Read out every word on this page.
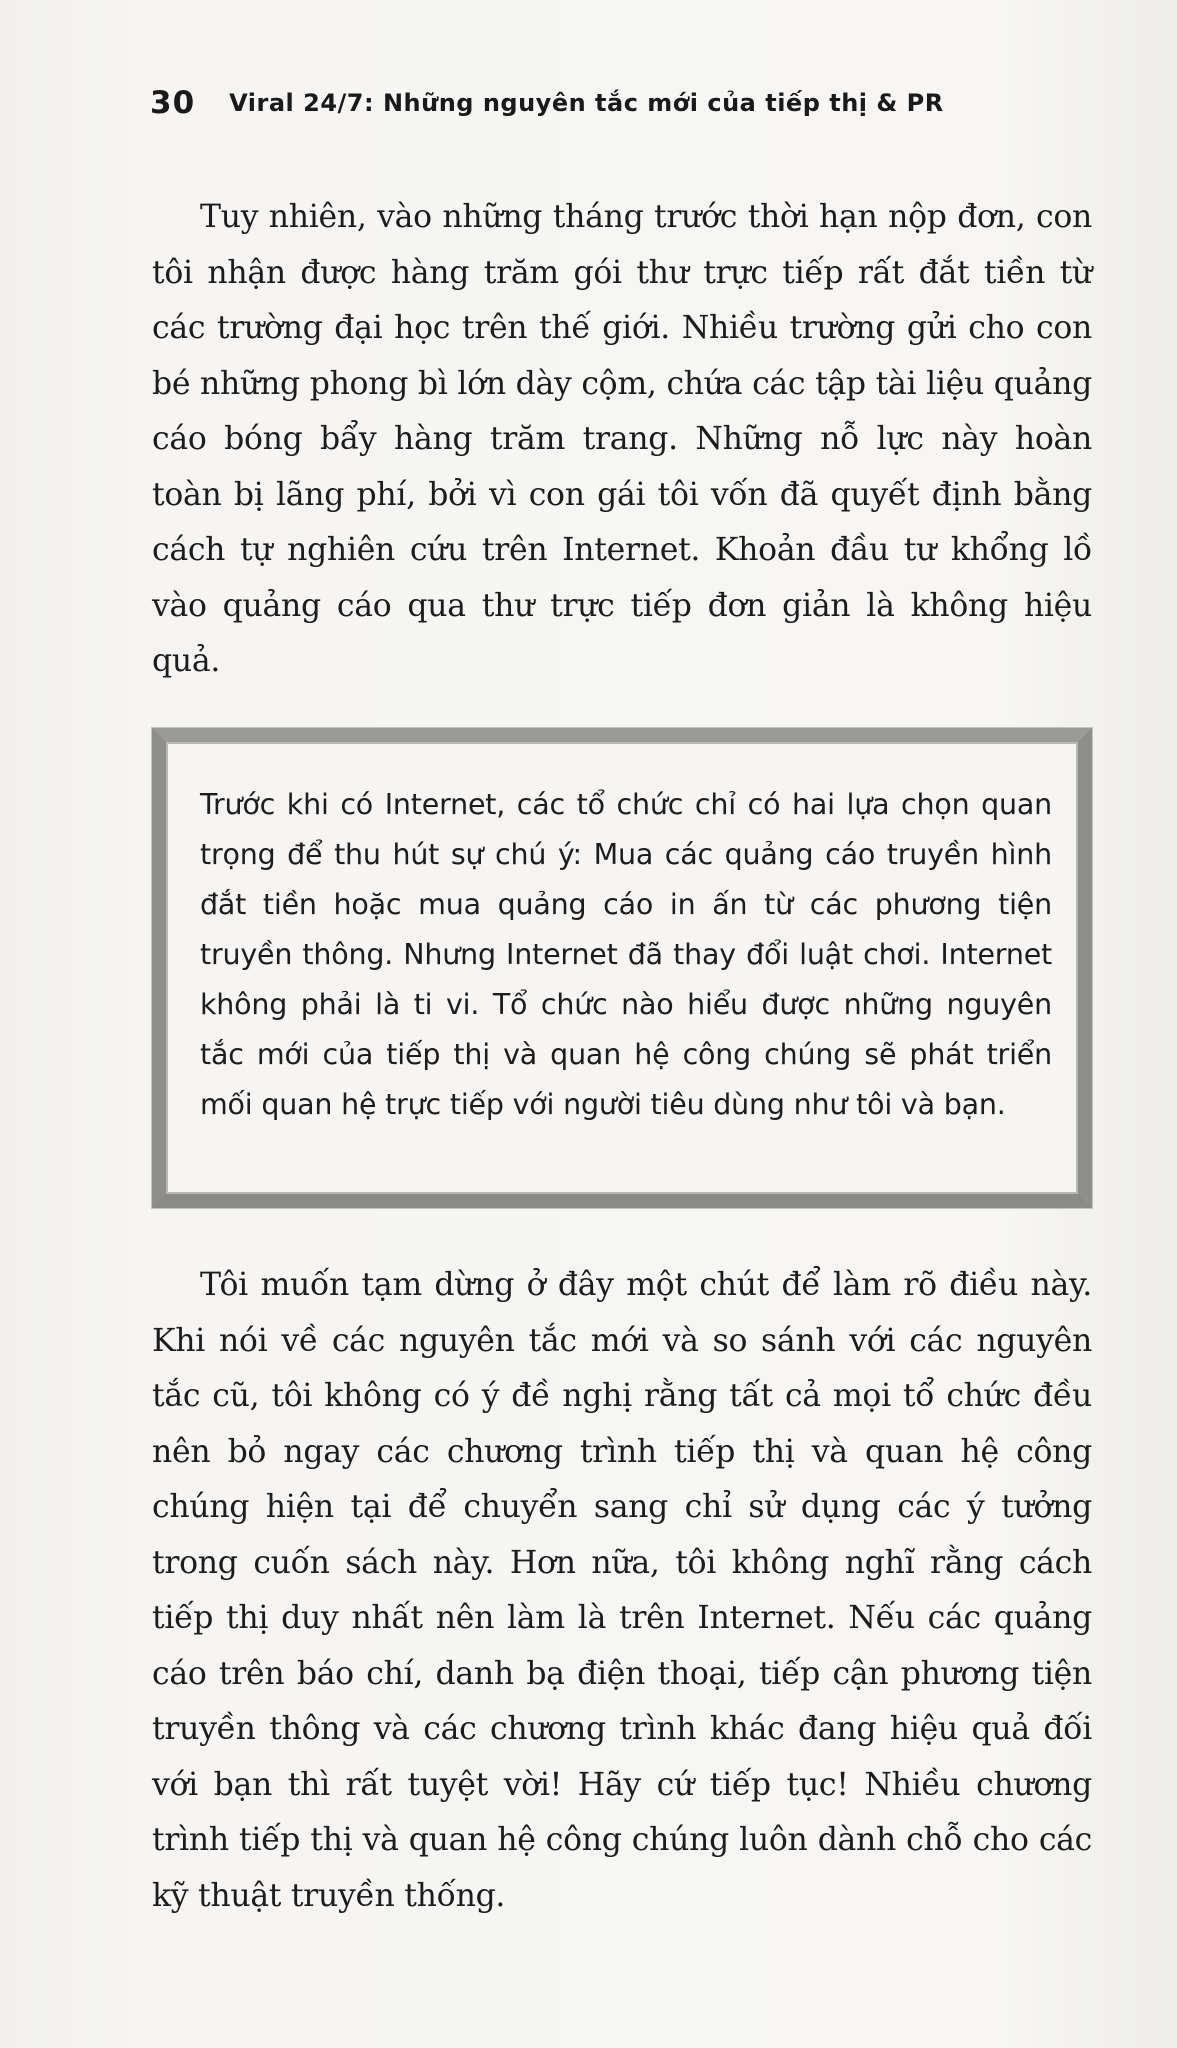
30 Viral 24/7: Những nguyên tắc mới của tiếp thị & PR

Tuy nhiên, vào những tháng trước thời hạn nộp đơn, con tôi nhận được hàng trăm gói thư trực tiếp rất đắt tiền từ các trường đại học trên thế giới. Nhiều trường gửi cho con bé những phong bì lớn dày cộm, chứa các tập tài liệu quảng cáo bóng bẩy hàng trăm trang. Những nỗ lực này hoàn toàn bị lãng phí, bởi vì con gái tôi vốn đã quyết định bằng cách tự nghiên cứu trên Internet. Khoản đầu tư khổng lồ vào quảng cáo qua thư trực tiếp đơn giản là không hiệu quả.

Trước khi có Internet, các tổ chức chỉ có hai lựa chọn quan trọng để thu hút sự chú ý: Mua các quảng cáo truyền hình đắt tiền hoặc mua quảng cáo in ấn từ các phương tiện truyền thông. Nhưng Internet đã thay đổi luật chơi. Internet không phải là ti vi. Tổ chức nào hiểu được những nguyên tắc mới của tiếp thị và quan hệ công chúng sẽ phát triển mối quan hệ trực tiếp với người tiêu dùng như tôi và bạn.

Tôi muốn tạm dừng ở đây một chút để làm rõ điều này. Khi nói về các nguyên tắc mới và so sánh với các nguyên tắc cũ, tôi không có ý đề nghị rằng tất cả mọi tổ chức đều nên bỏ ngay các chương trình tiếp thị và quan hệ công chúng hiện tại để chuyển sang chỉ sử dụng các ý tưởng trong cuốn sách này. Hơn nữa, tôi không nghĩ rằng cách tiếp thị duy nhất nên làm là trên Internet. Nếu các quảng cáo trên báo chí, danh bạ điện thoại, tiếp cận phương tiện truyền thông và các chương trình khác đang hiệu quả đối với bạn thì rất tuyệt vời! Hãy cứ tiếp tục! Nhiều chương trình tiếp thị và quan hệ công chúng luôn dành chỗ cho các kỹ thuật truyền thống.
